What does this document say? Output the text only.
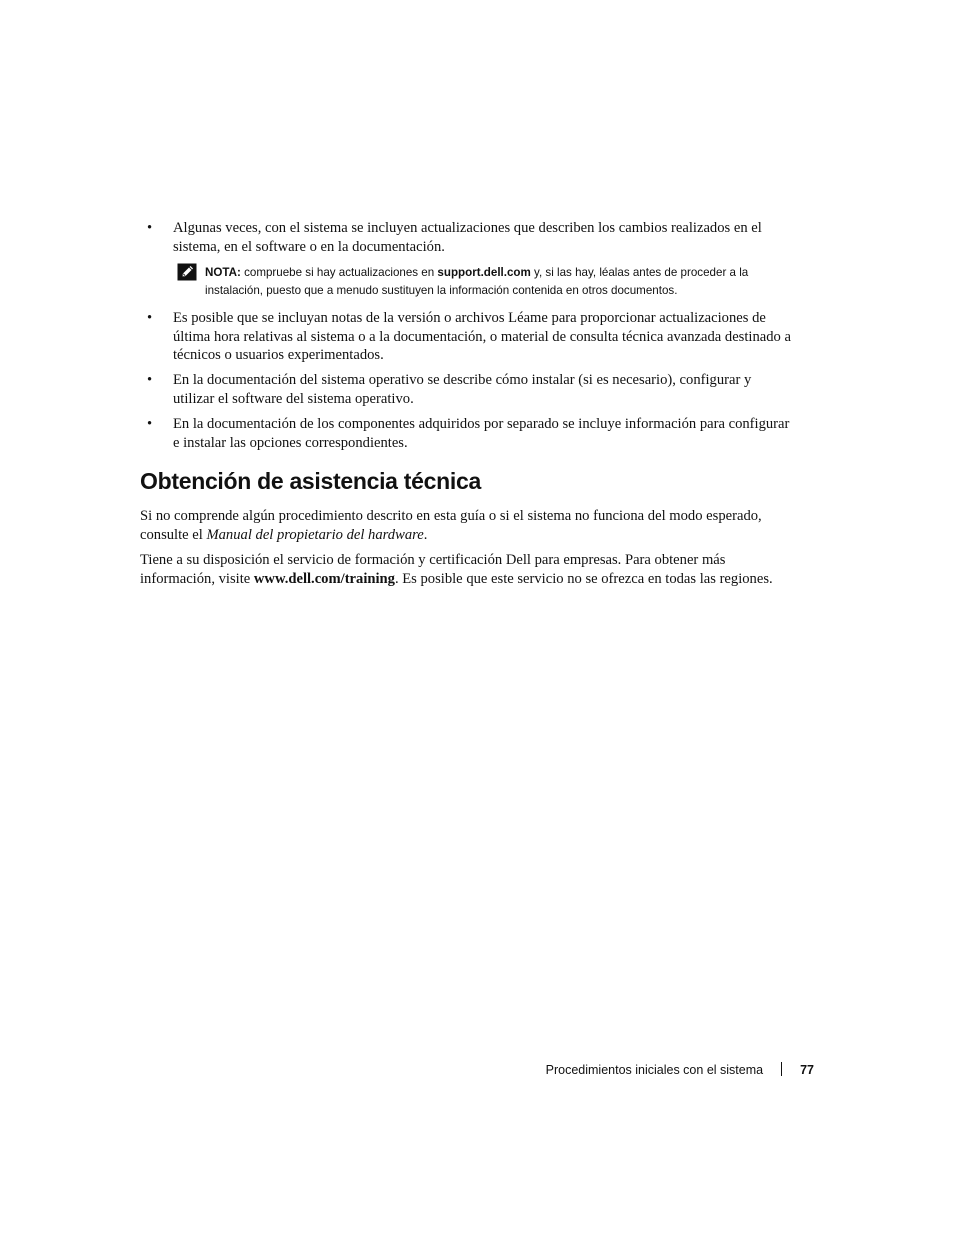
• Algunas veces, con el sistema se incluyen actualizaciones que describen los cambios realizados en el sistema, en el software o en la documentación.
NOTA: compruebe si hay actualizaciones en support.dell.com y, si las hay, léalas antes de proceder a la instalación, puesto que a menudo sustituyen la información contenida en otros documentos.
• Es posible que se incluyan notas de la versión o archivos Léame para proporcionar actualizaciones de última hora relativas al sistema o a la documentación, o material de consulta técnica avanzada destinado a técnicos o usuarios experimentados.
• En la documentación del sistema operativo se describe cómo instalar (si es necesario), configurar y utilizar el software del sistema operativo.
• En la documentación de los componentes adquiridos por separado se incluye información para configurar e instalar las opciones correspondientes.
Obtención de asistencia técnica

Si no comprende algún procedimiento descrito en esta guía o si el sistema no funciona del modo esperado, consulte el Manual del propietario del hardware.

Tiene a su disposición el servicio de formación y certificación Dell para empresas. Para obtener más información, visite www.dell.com/training. Es posible que este servicio no se ofrezca en todas las regiones.

Procedimientos iniciales con el sistema	77
